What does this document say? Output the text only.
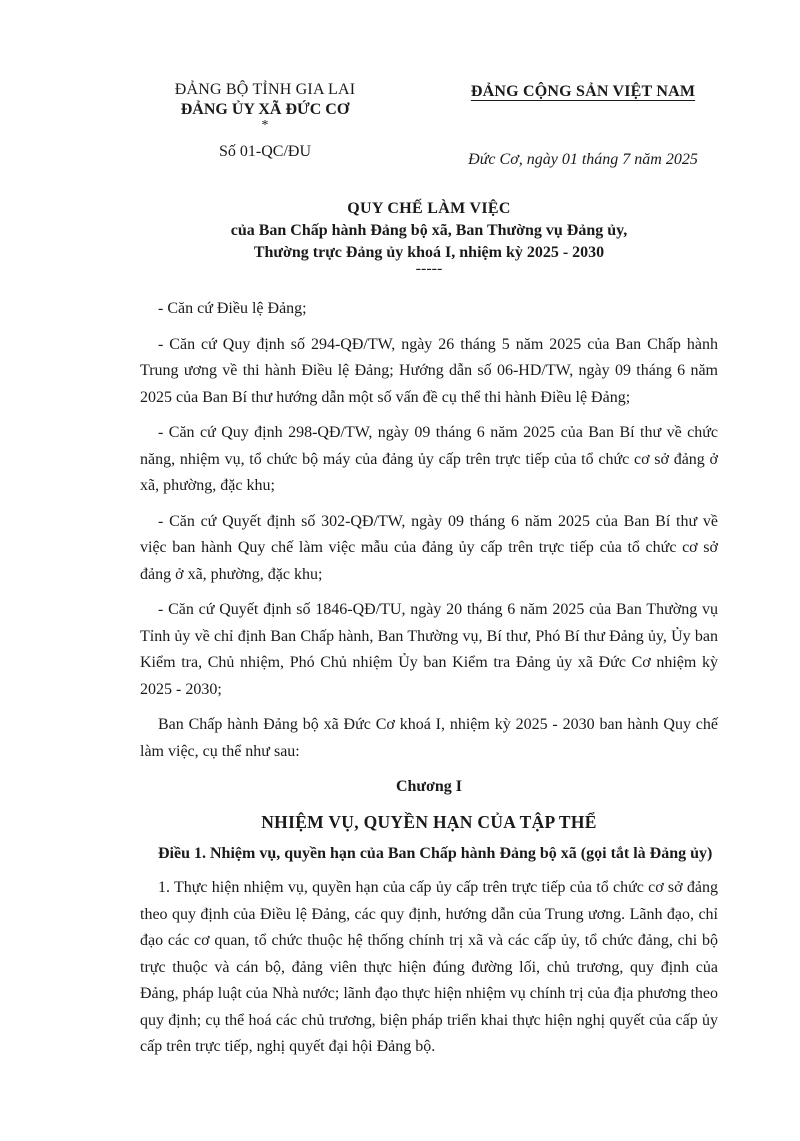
ĐẢNG BỘ TỈNH GIA LAI
ĐẢNG ỦY XÃ ĐỨC CƠ
*
Số 01-QC/ĐU
ĐẢNG CỘNG SẢN VIỆT NAM
Đức Cơ, ngày 01 tháng 7 năm 2025
QUY CHẾ LÀM VIỆC
của Ban Chấp hành Đảng bộ xã, Ban Thường vụ Đảng ủy,
Thường trực Đảng ủy khoá I, nhiệm kỳ 2025 - 2030
-----

- Căn cứ Điều lệ Đảng;

- Căn cứ Quy định số 294-QĐ/TW, ngày 26 tháng 5 năm 2025 của Ban Chấp hành Trung ương về thi hành Điều lệ Đảng; Hướng dẫn số 06-HD/TW, ngày 09 tháng 6 năm 2025 của Ban Bí thư hướng dẫn một số vấn đề cụ thể thi hành Điều lệ Đảng;

- Căn cứ Quy định 298-QĐ/TW, ngày 09 tháng 6 năm 2025 của Ban Bí thư về chức năng, nhiệm vụ, tổ chức bộ máy của đảng ủy cấp trên trực tiếp của tổ chức cơ sở đảng ở xã, phường, đặc khu;

- Căn cứ Quyết định số 302-QĐ/TW, ngày 09 tháng 6 năm 2025 của Ban Bí thư về việc ban hành Quy chế làm việc mẫu của đảng ủy cấp trên trực tiếp của tổ chức cơ sở đảng ở xã, phường, đặc khu;

- Căn cứ Quyết định số 1846-QĐ/TU, ngày 20 tháng 6 năm 2025 của Ban Thường vụ Tỉnh ủy về chỉ định Ban Chấp hành, Ban Thường vụ, Bí thư, Phó Bí thư Đảng ủy, Ủy ban Kiểm tra, Chủ nhiệm, Phó Chủ nhiệm Ủy ban Kiểm tra Đảng ủy xã Đức Cơ nhiệm kỳ 2025 - 2030;

Ban Chấp hành Đảng bộ xã Đức Cơ khoá I, nhiệm kỳ 2025 - 2030 ban hành Quy chế làm việc, cụ thể như sau:

Chương I
NHIỆM VỤ, QUYỀN HẠN CỦA TẬP THỂ
Điều 1. Nhiệm vụ, quyền hạn của Ban Chấp hành Đảng bộ xã (gọi tắt là Đảng ủy)

1. Thực hiện nhiệm vụ, quyền hạn của cấp ủy cấp trên trực tiếp của tổ chức cơ sở đảng theo quy định của Điều lệ Đảng, các quy định, hướng dẫn của Trung ương. Lãnh đạo, chỉ đạo các cơ quan, tổ chức thuộc hệ thống chính trị xã và các cấp ủy, tổ chức đảng, chi bộ trực thuộc và cán bộ, đảng viên thực hiện đúng đường lối, chủ trương, quy định của Đảng, pháp luật của Nhà nước; lãnh đạo thực hiện nhiệm vụ chính trị của địa phương theo quy định; cụ thể hoá các chủ trương, biện pháp triển khai thực hiện nghị quyết của cấp ủy cấp trên trực tiếp, nghị quyết đại hội Đảng bộ.
